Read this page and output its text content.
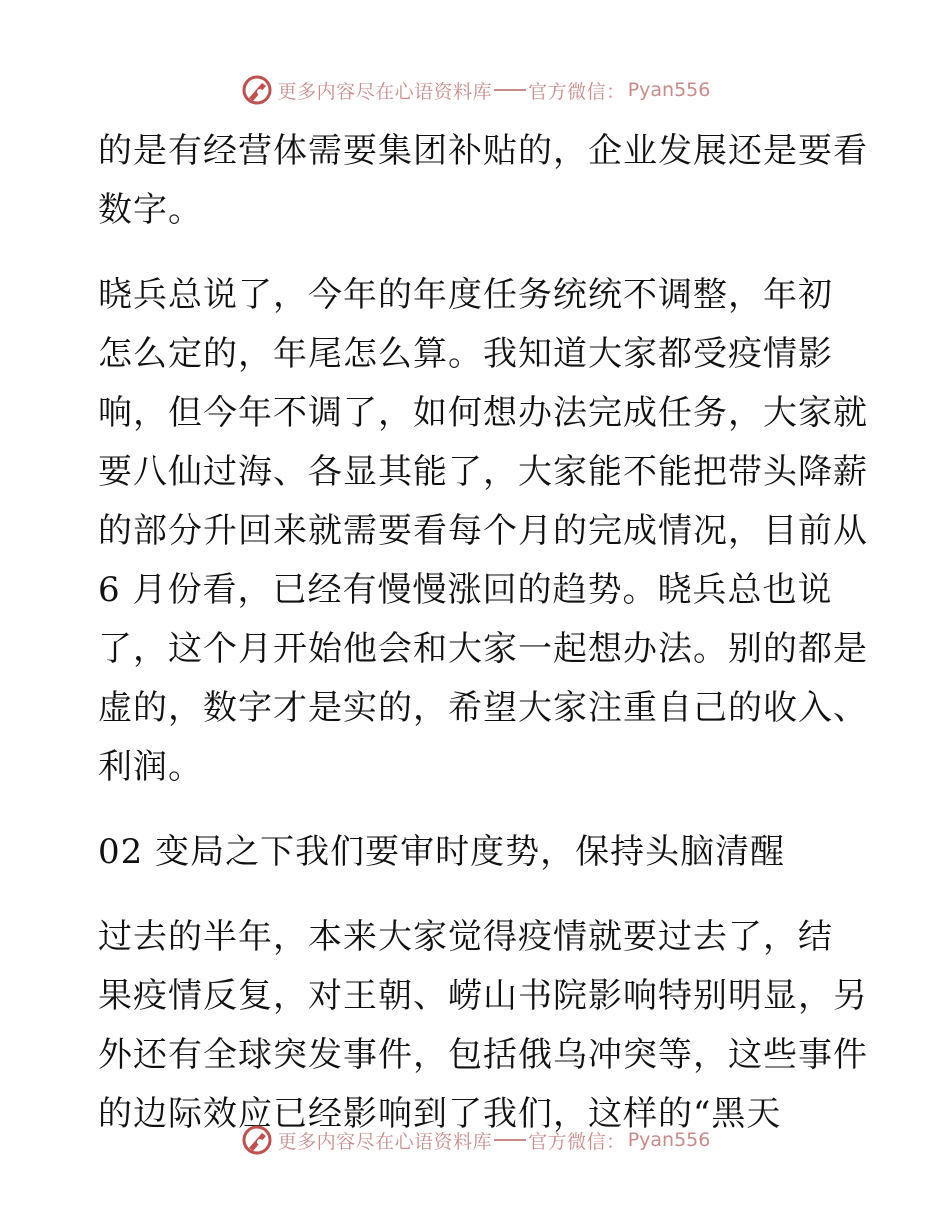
更多内容尽在心语资料库 官方微信： Pyan556

的是有经营体需要集团补贴的，企业发展还是要看
数字。

晓兵总说了，今年的年度任务统统不调整，年初
怎么定的，年尾怎么算。我知道大家都受疫情影
响，但今年不调了，如何想办法完成任务，大家就
要八仙过海、各显其能了，大家能不能把带头降薪
的部分升回来就需要看每个月的完成情况，目前从
6 月份看，已经有慢慢涨回的趋势。晓兵总也说
了，这个月开始他会和大家一起想办法。别的都是
虚的，数字才是实的，希望大家注重自己的收入、
利润。

02 变局之下我们要审时度势，保持头脑清醒

过去的半年，本来大家觉得疫情就要过去了，结
果疫情反复，对王朝、崂山书院影响特别明显，另
外还有全球突发事件，包括俄乌冲突等，这些事件
的边际效应已经影响到了我们，这样的“黑天

更多内容尽在心语资料库 官方微信： Pyan556
